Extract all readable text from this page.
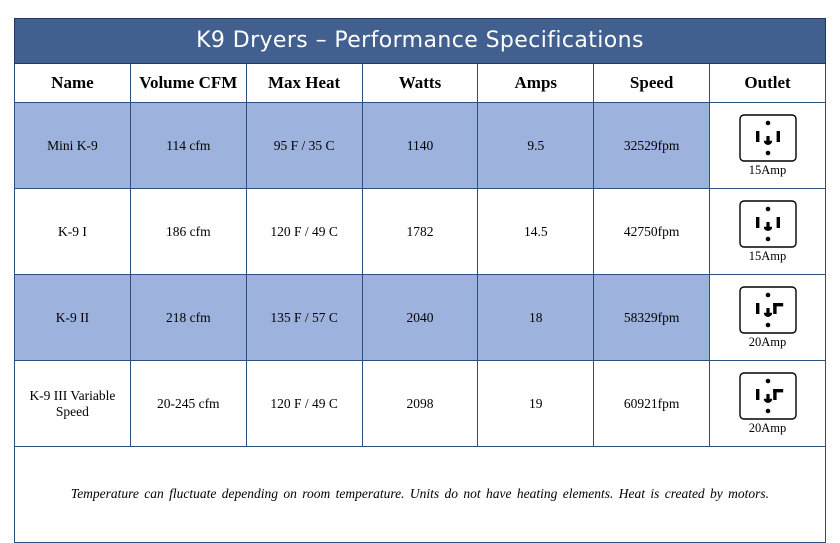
K9 Dryers – Performance Specifications						
Name	Volume CFM	Max Heat	Watts	Amps	Speed	Outlet
Mini K-9	114 cfm	95 F / 35 C	1140	9.5	32529fpm	15Amp

K-9 I	186 cfm	120 F / 49 C	1782	14.5	42750fpm	15Amp

K-9 II	218 cfm	135 F / 57 C	2040	18	58329fpm	20Amp

K-9 III Variable Speed	20-245 cfm	120 F / 49 C	2098	19	60921fpm	20Amp

Temperature can fluctuate depending on room temperature. Units do not have heating elements. Heat is created by motors.						
